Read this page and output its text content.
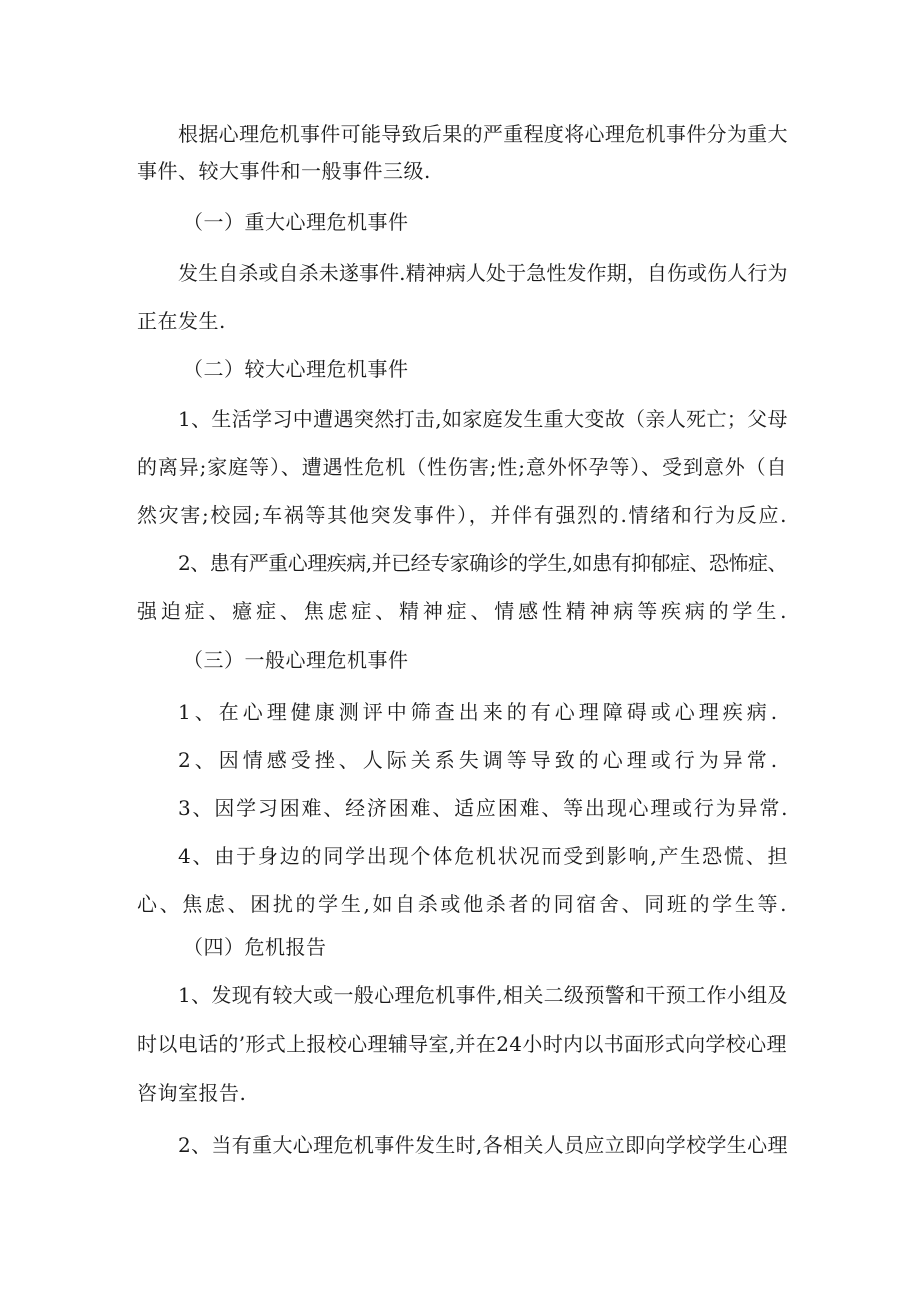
根据心理危机事件可能导致后果的严重程度将心理危机事件分为重大
事件、较大事件和一般事件三级.
（一）重大心理危机事件
发生自杀或自杀未遂事件.精神病人处于急性发作期，自伤或伤人行为
正在发生.
（二）较大心理危机事件
1、生活学习中遭遇突然打击,如家庭发生重大变故（亲人死亡；父母
的离异;家庭等）、遭遇性危机（性伤害;性;意外怀孕等）、受到意外（自
然灾害;校园;车祸等其他突发事件），并伴有强烈的.情绪和行为反应.
2、患有严重心理疾病,并已经专家确诊的学生,如患有抑郁症、恐怖症、
强迫症、癔症、焦虑症、精神症、情感性精神病等疾病的学生.
（三）一般心理危机事件
1、在心理健康测评中筛查出来的有心理障碍或心理疾病.
2、因情感受挫、人际关系失调等导致的心理或行为异常.
3、因学习困难、经济困难、适应困难、等出现心理或行为异常.
4、由于身边的同学出现个体危机状况而受到影响,产生恐慌、担
心、焦虑、困扰的学生,如自杀或他杀者的同宿舍、同班的学生等.
（四）危机报告
1、发现有较大或一般心理危机事件,相关二级预警和干预工作小组及
时以电话的’形式上报校心理辅导室,并在24小时内以书面形式向学校心理
咨询室报告.
2、当有重大心理危机事件发生时,各相关人员应立即向学校学生心理
